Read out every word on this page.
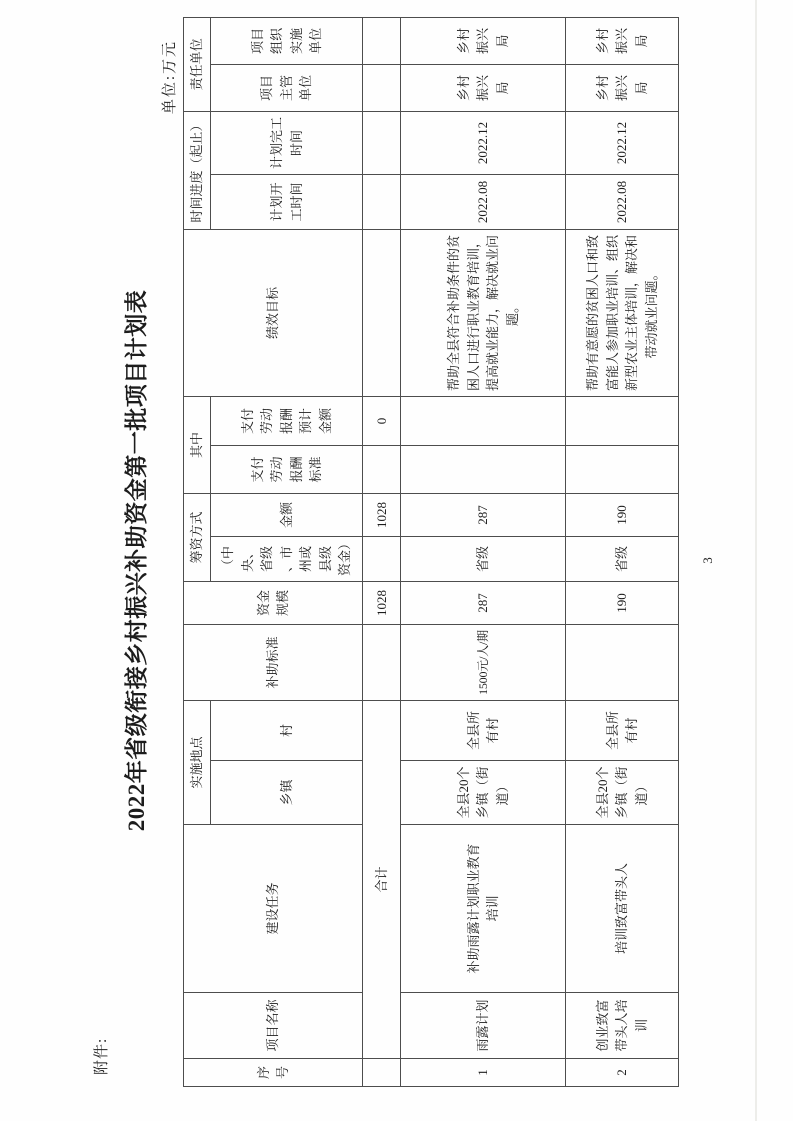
附件:
2022年省级衔接乡村振兴补助资金第一批项目计划表
单位:万元
序号	项目名称	建设任务	实施地点		补助标准	资金规模	筹资方式		其中		绩效目标	时间进度（起止）		责任单位	
			乡镇	村			（中央、省级、市州或县级资金）	金额	支付劳动报酬标准	支付劳动报酬预计金额		计划开工时间	计划完工时间	项目主管单位	项目组织实施单位
	合计					1028		1028		0					
1	雨露计划	补助雨露计划职业教育培训	全县20个乡镇（街道）	全县所有村	1500元/人/期	287	省级	287			帮助全县符合补助条件的贫困人口进行职业教育培训，提高就业能力，解决就业问题。	2022.08	2022.12	乡村振兴局	乡村振兴局
2	创业致富带头人培训	培训致富带头人	全县20个乡镇（街道）	全县所有村		190	省级	190			帮助有意愿的贫困人口和致富能人参加职业培训、组织新型农业主体培训，解决和带动就业问题。	2022.08	2022.12	乡村振兴局	乡村振兴局
3
